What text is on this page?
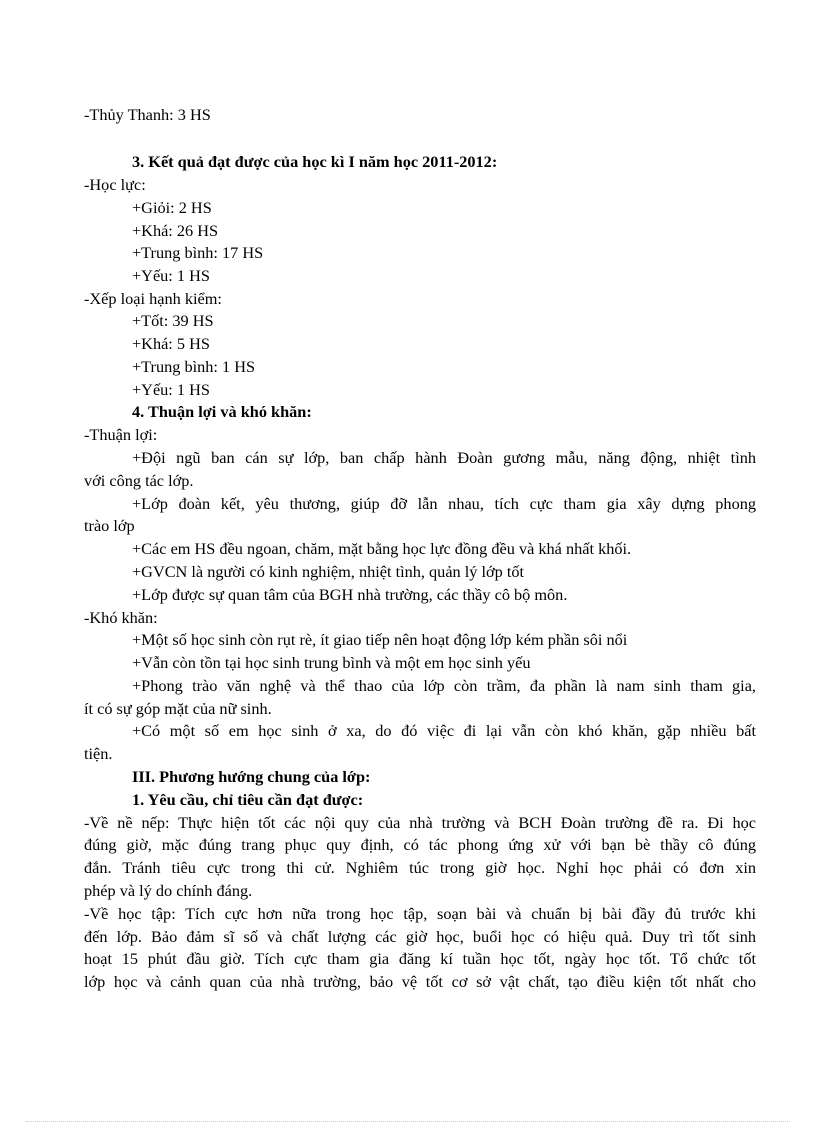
-Thủy Thanh: 3 HS
3. Kết quả đạt được của học kì I năm học 2011-2012:
-Học lực:
+Giỏi: 2 HS
+Khá: 26 HS
+Trung bình: 17 HS
+Yếu: 1 HS
-Xếp loại hạnh kiểm:
+Tốt: 39 HS
+Khá: 5 HS
+Trung bình: 1 HS
+Yếu: 1 HS
4. Thuận lợi và khó khăn:
-Thuận lợi:
+Đội ngũ ban cán sự lớp, ban chấp hành Đoàn gương mẫu, năng động, nhiệt tình
với công tác lớp.
+Lớp đoàn kết, yêu thương, giúp đỡ lẫn nhau, tích cực tham gia xây dựng phong
trào lớp
+Các em HS đều ngoan, chăm, mặt bằng học lực đồng đều và khá nhất khối.
+GVCN là người có kinh nghiệm, nhiệt tình, quản lý lớp tốt
+Lớp được sự quan tâm của BGH nhà trường, các thầy cô bộ môn.
-Khó khăn:
+Một số học sinh còn rụt rè, ít giao tiếp nên hoạt động lớp kém phần sôi nổi
+Vẫn còn tồn tại học sinh trung bình và một em học sinh yếu
+Phong trào văn nghệ và thể thao của lớp còn trầm, đa phần là nam sinh tham gia,
ít có sự góp mặt của nữ sinh.
+Có một số em học sinh ở xa, do đó việc đi lại vẫn còn khó khăn, gặp nhiều bất
tiện.
III. Phương hướng chung của lớp:
1. Yêu cầu, chỉ tiêu cần đạt được:
-Về nề nếp: Thực hiện tốt các nội quy của nhà trường và BCH Đoàn trường đề ra. Đi học
đúng giờ, mặc đúng trang phục quy định, có tác phong ứng xử với bạn bè thầy cô đúng
đắn. Tránh tiêu cực trong thi cử. Nghiêm túc trong giờ học. Nghỉ học phải có đơn xin
phép và lý do chính đáng.
-Về học tập: Tích cực hơn nữa trong học tập, soạn bài và chuẩn bị bài đầy đủ trước khi
đến lớp. Bảo đảm sĩ số và chất lượng các giờ học, buổi học có hiệu quả. Duy trì tốt sinh
hoạt 15 phút đầu giờ. Tích cực tham gia đăng kí tuần học tốt, ngày học tốt. Tổ chức tốt
lớp học và cảnh quan của nhà trường, bảo vệ tốt cơ sở vật chất, tạo điều kiện tốt nhất cho
